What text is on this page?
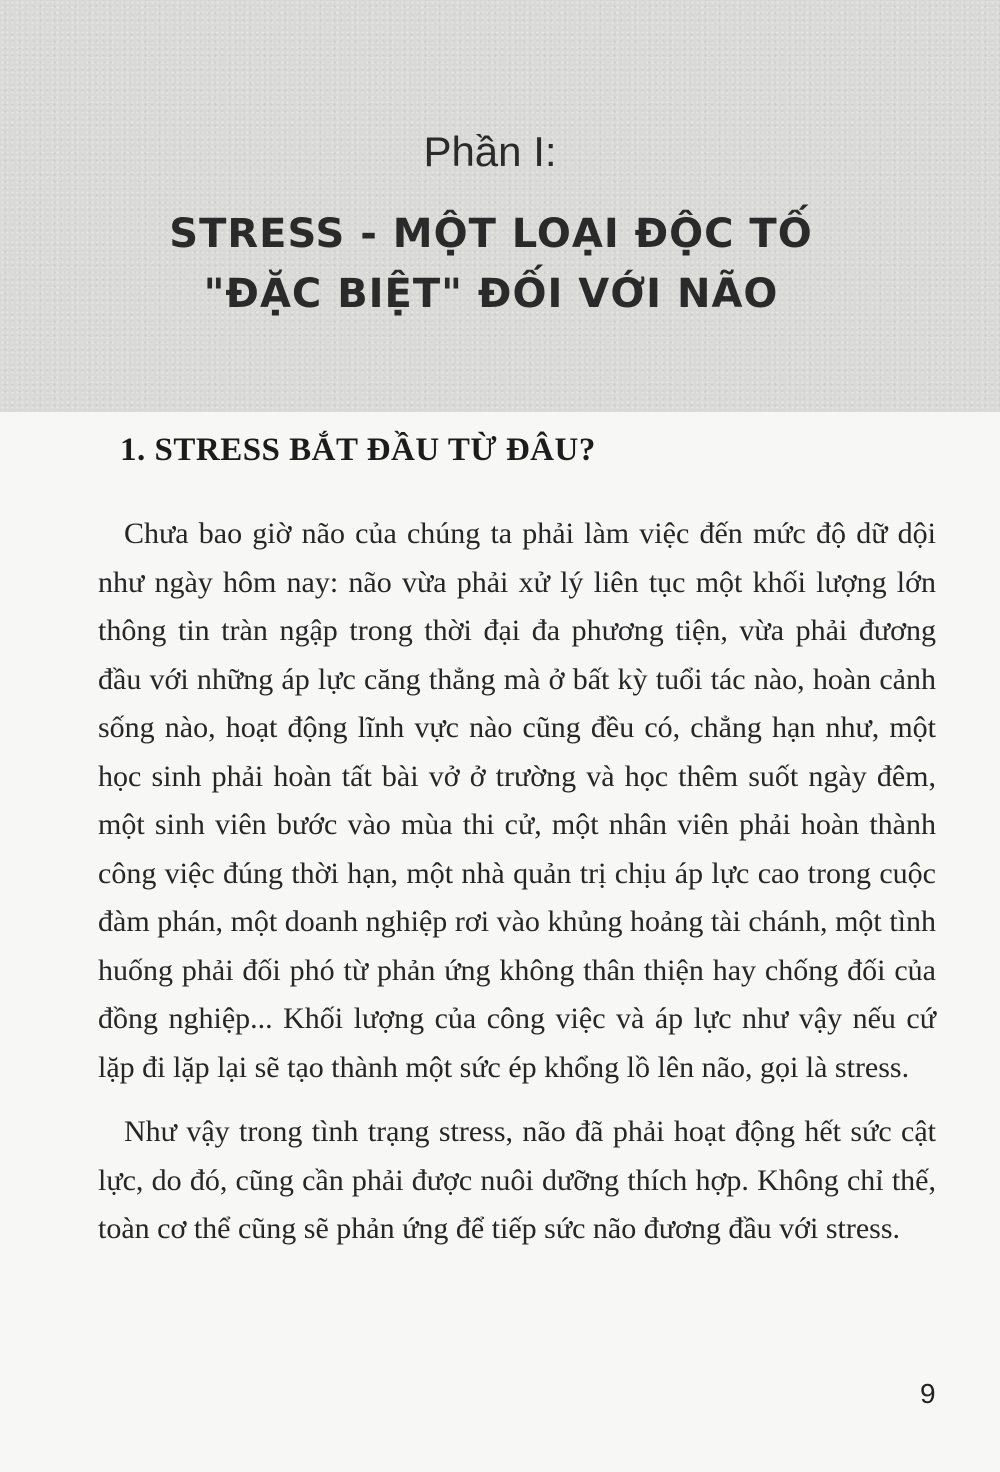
Phần I:
STRESS - MỘT LOẠI ĐỘC TỐ
"ĐẶC BIỆT" ĐỐI VỚI NÃO
1. STRESS BẮT ĐẦU TỪ ĐÂU?

Chưa bao giờ não của chúng ta phải làm việc đến mức độ dữ dội như ngày hôm nay: não vừa phải xử lý liên tục một khối lượng lớn thông tin tràn ngập trong thời đại đa phương tiện, vừa phải đương đầu với những áp lực căng thẳng mà ở bất kỳ tuổi tác nào, hoàn cảnh sống nào, hoạt động lĩnh vực nào cũng đều có, chẳng hạn như, một học sinh phải hoàn tất bài vở ở trường và học thêm suốt ngày đêm, một sinh viên bước vào mùa thi cử, một nhân viên phải hoàn thành công việc đúng thời hạn, một nhà quản trị chịu áp lực cao trong cuộc đàm phán, một doanh nghiệp rơi vào khủng hoảng tài chánh, một tình huống phải đối phó từ phản ứng không thân thiện hay chống đối của đồng nghiệp... Khối lượng của công việc và áp lực như vậy nếu cứ lặp đi lặp lại sẽ tạo thành một sức ép khổng lồ lên não, gọi là stress.

Như vậy trong tình trạng stress, não đã phải hoạt động hết sức cật lực, do đó, cũng cần phải được nuôi dưỡng thích hợp. Không chỉ thế, toàn cơ thể cũng sẽ phản ứng để tiếp sức não đương đầu với stress.

9
